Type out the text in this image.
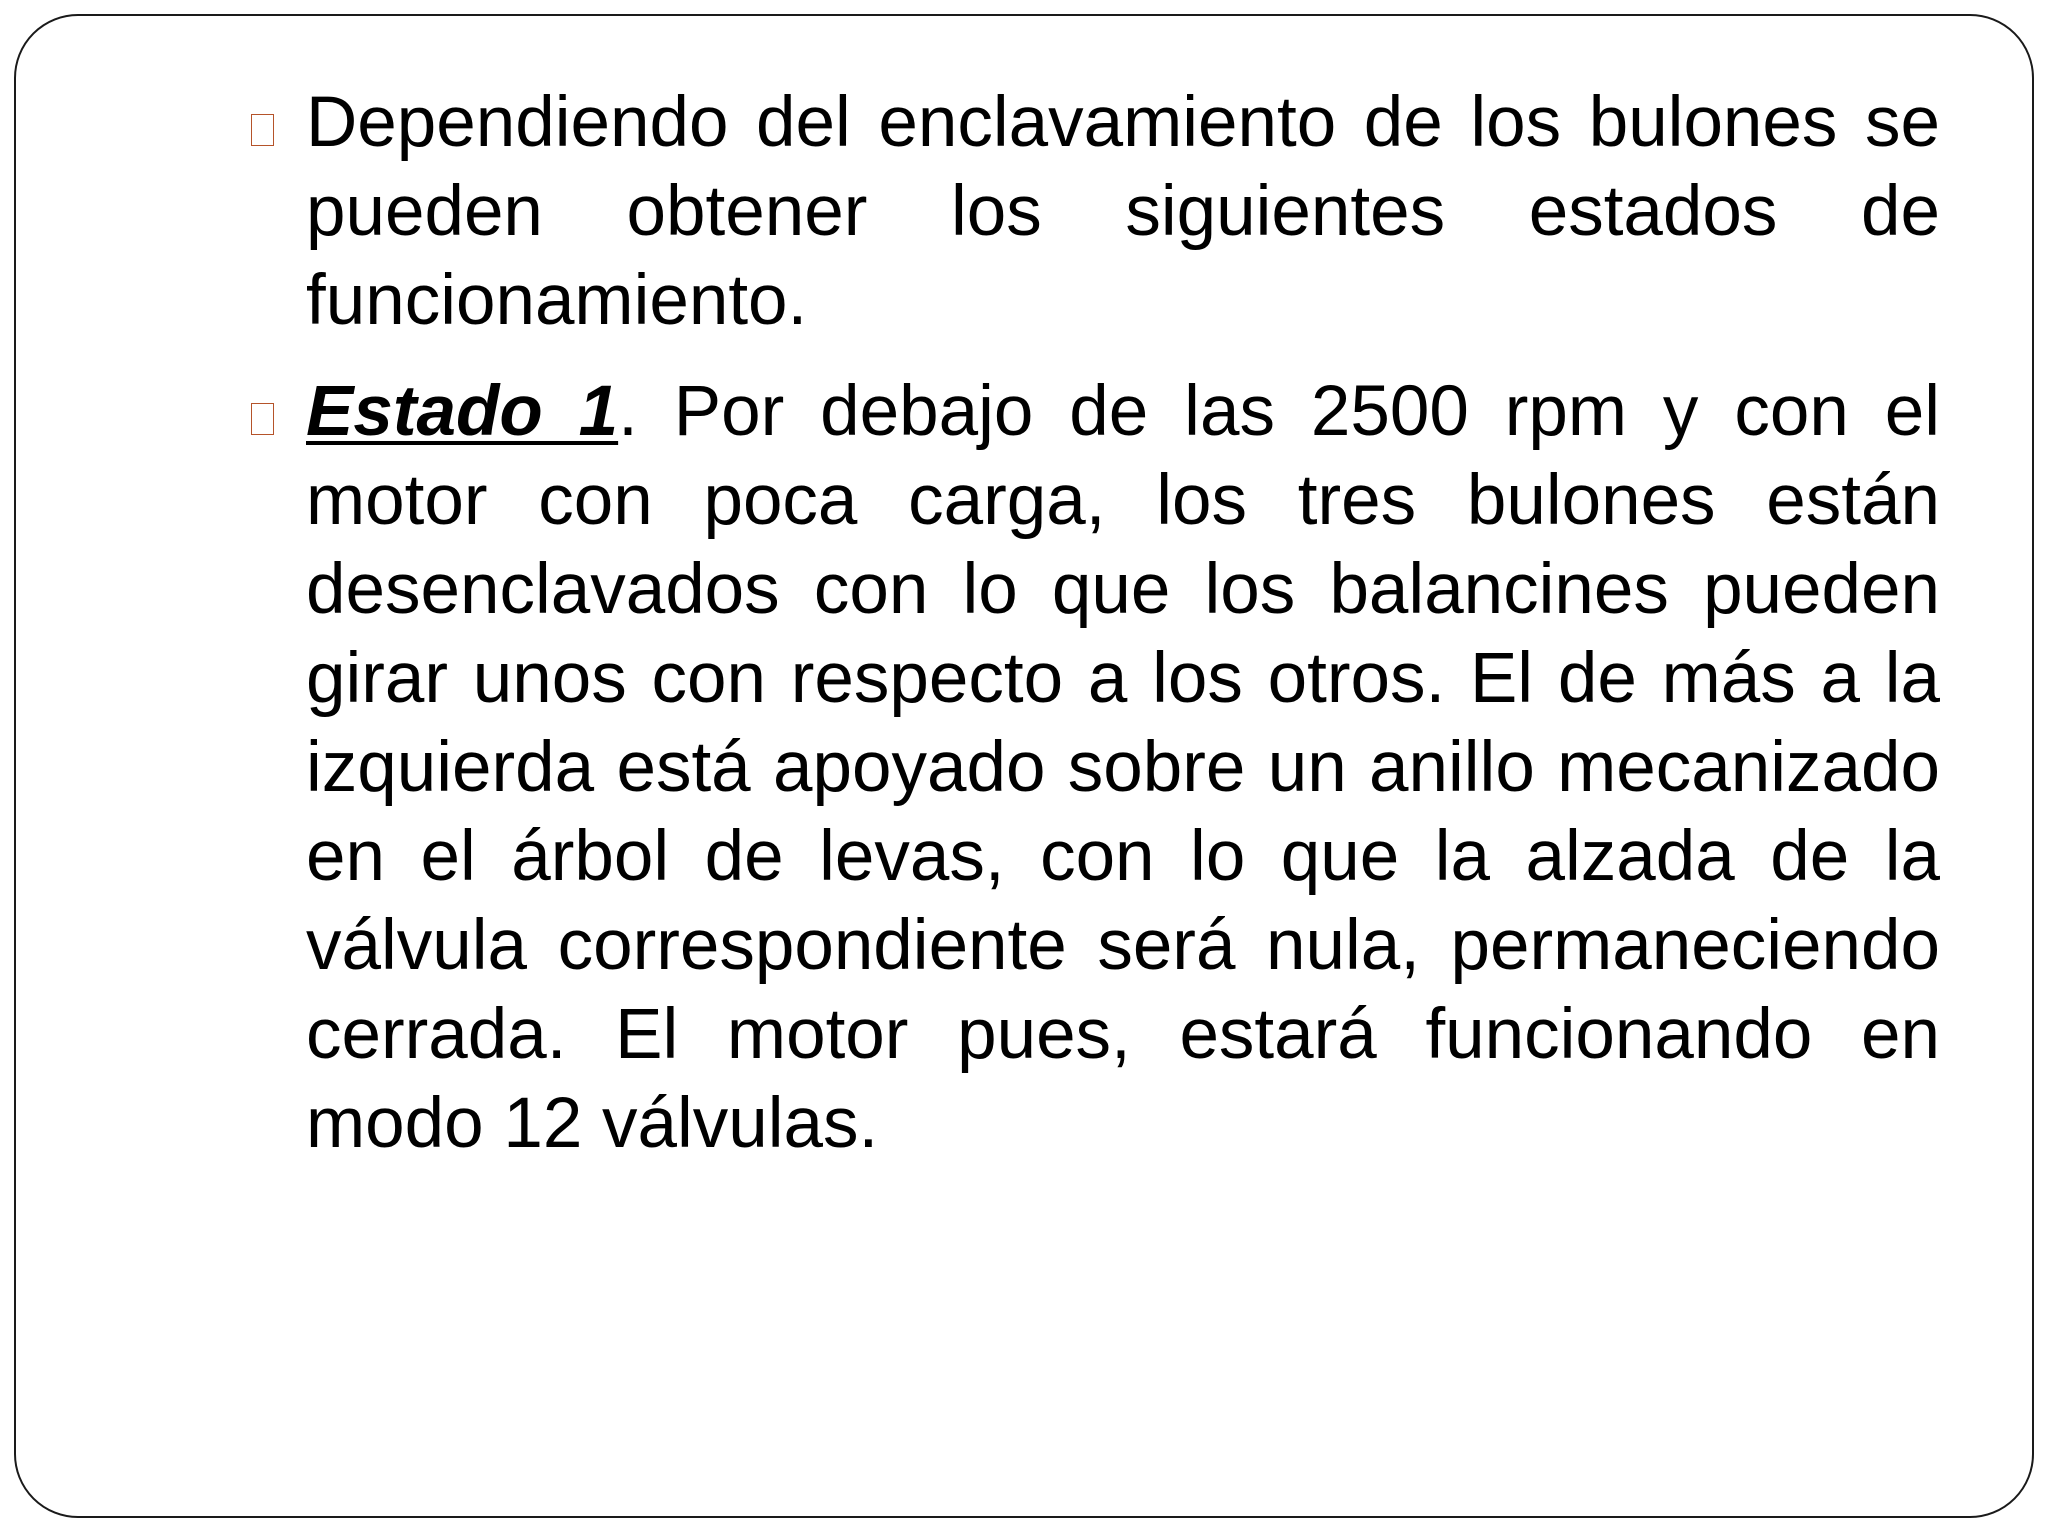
Dependiendo del enclavamiento de los bulones se pueden obtener los siguientes estados de funcionamiento.

Estado 1. Por debajo de las 2500 rpm y con el motor con poca carga, los tres bulones están desenclavados con lo que los balancines pueden girar unos con respecto a los otros. El de más a la izquierda está apoyado sobre un anillo mecanizado en el árbol de levas, con lo que la alzada de la válvula correspondiente será nula, permaneciendo cerrada. El motor pues, estará funcionando en modo 12 válvulas.
